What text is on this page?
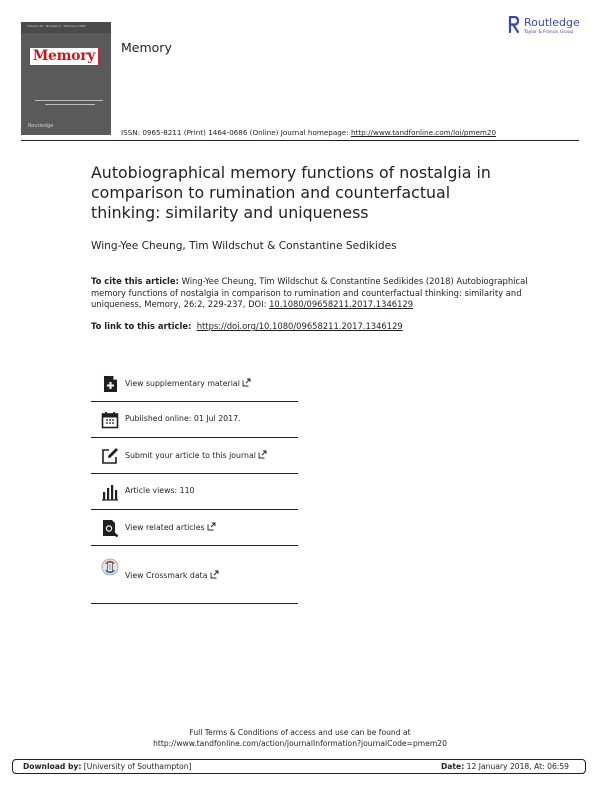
Volume 26 · Number 2 · February 2018
Memory
Routledge
Memory
Routledge
Taylor & Francis Group
ISSN: 0965-8211 (Print) 1464-0686 (Online) Journal homepage: http://www.tandfonline.com/loi/pmem20
Autobiographical memory functions of nostalgia in comparison to rumination and counterfactual thinking: similarity and uniqueness
Wing-Yee Cheung, Tim Wildschut & Constantine Sedikides
To cite this article: Wing-Yee Cheung, Tim Wildschut & Constantine Sedikides (2018) Autobiographical memory functions of nostalgia in comparison to rumination and counterfactual thinking: similarity and uniqueness, Memory, 26:2, 229-237, DOI: 10.1080/09658211.2017.1346129
To link to this article: https://doi.org/10.1080/09658211.2017.1346129
View supplementary material
Published online: 01 Jul 2017.
Submit your article to this journal
Article views: 110
View related articles
View Crossmark data
Full Terms & Conditions of access and use can be found at
http://www.tandfonline.com/action/journalInformation?journalCode=pmem20
Download by: [University of Southampton]	Date: 12 January 2018, At: 06:59
